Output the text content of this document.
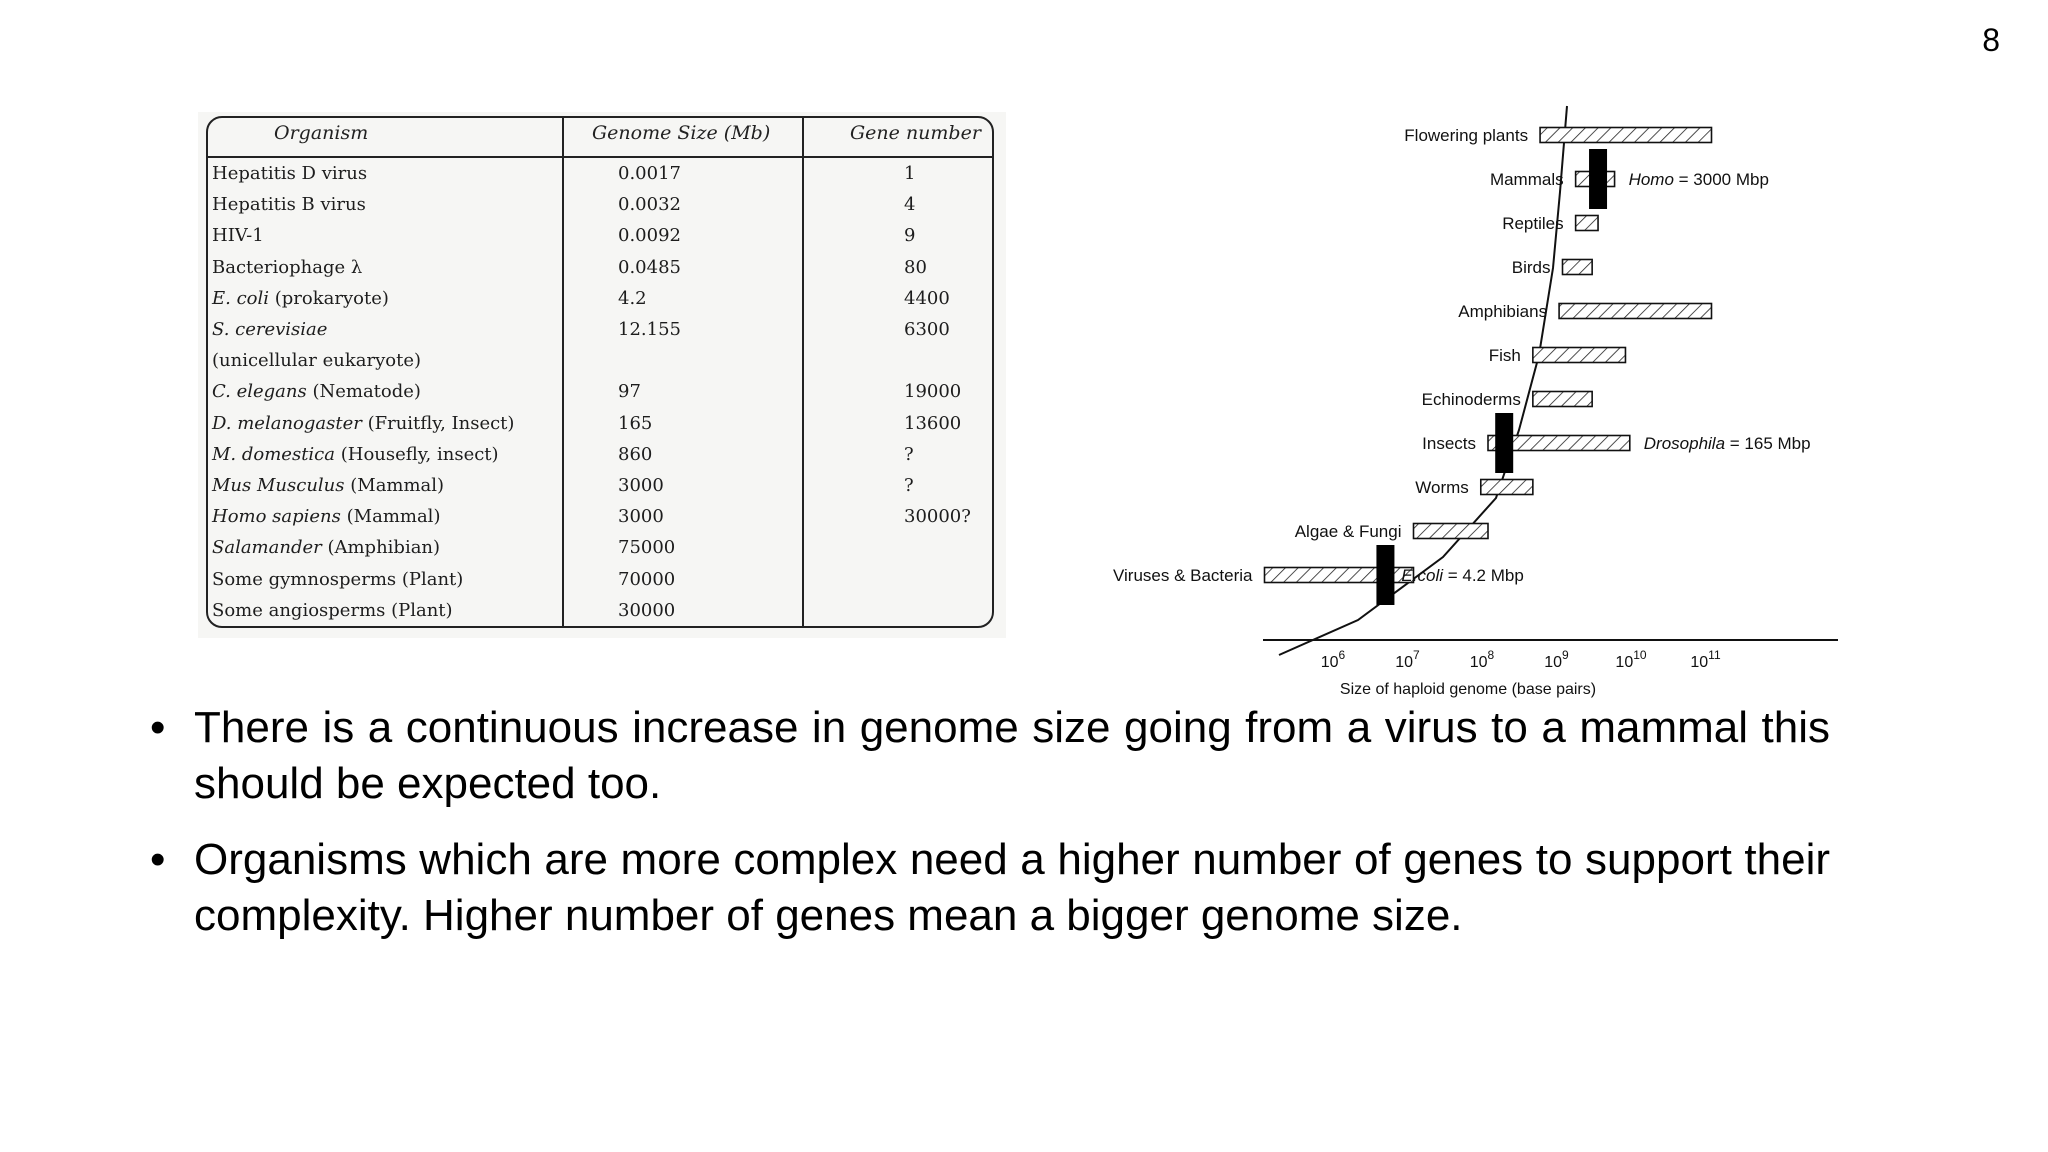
8
Organism	Genome Size (Mb)	Gene number
Hepatitis D virus	0.0017	1
Hepatitis B virus	0.0032	4
HIV-1	0.0092	9
Bacteriophage λ	0.0485	80
E. coli (prokaryote)	4.2	4400
S. cerevisiae	12.155	6300
(unicellular eukaryote)
C. elegans (Nematode)	97	19000
D. melanogaster (Fruitfly, Insect)	165	13600
M. domestica (Housefly, insect)	860	?
Mus Musculus (Mammal)	3000	?
Homo sapiens (Mammal)	3000	30000?
Salamander (Amphibian)	75000
Some gymnosperms (Plant)	70000
Some angiosperms (Plant)	30000
Flowering plants
Mammals
Reptiles
Birds
Amphibians
Fish
Echinoderms
Insects
Worms
Algae & Fungi
Viruses & Bacteria
Homo = 3000 Mbp
Drosophila = 165 Mbp
E.coli = 4.2 Mbp
$10^6$	$10^7$	$10^8$	$10^9$	$10^{10}$	$10^{11}$
Size of haploid genome (base pairs)
• There is a continuous increase in genome size going from a virus to a mammal this should be expected too.
• Organisms which are more complex need a higher number of genes to support their complexity. Higher number of genes mean a bigger genome size.
